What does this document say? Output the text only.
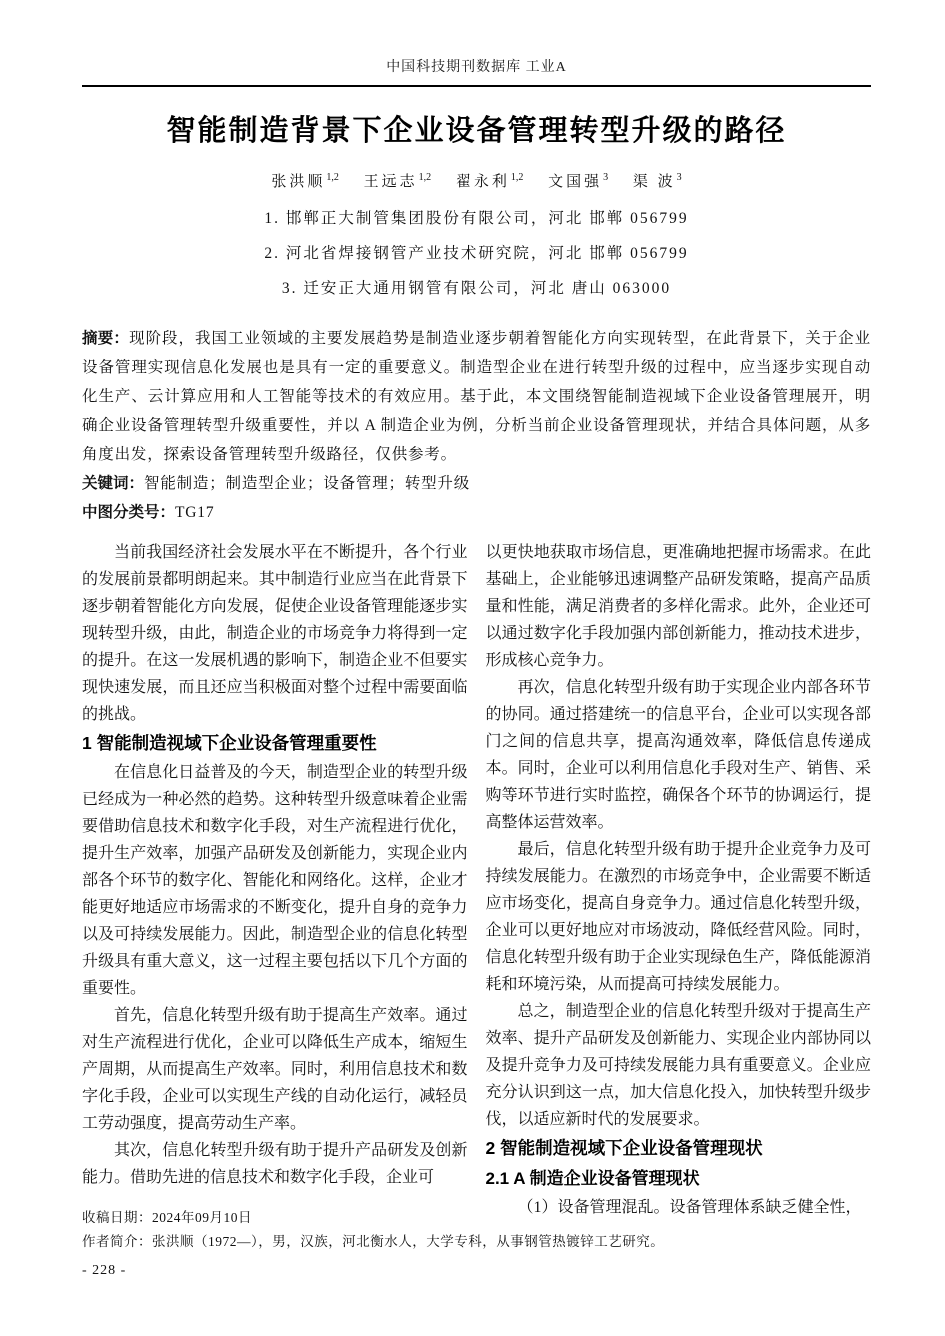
中国科技期刊数据库 工业A
智能制造背景下企业设备管理转型升级的路径
张洪顺$^{1,2}$ 王远志$^{1,2}$ 翟永利$^{1,2}$ 文国强$^3$ 渠 波$^3$
1. 邯郸正大制管集团股份有限公司，河北 邯郸 056799
2. 河北省焊接钢管产业技术研究院，河北 邯郸 056799
3. 迁安正大通用钢管有限公司，河北 唐山 063000
摘要：现阶段，我国工业领域的主要发展趋势是制造业逐步朝着智能化方向实现转型，在此背景下，关于企业设备管理实现信息化发展也是具有一定的重要意义。制造型企业在进行转型升级的过程中，应当逐步实现自动化生产、云计算应用和人工智能等技术的有效应用。基于此，本文围绕智能制造视域下企业设备管理展开，明确企业设备管理转型升级重要性，并以 A 制造企业为例，分析当前企业设备管理现状，并结合具体问题，从多角度出发，探索设备管理转型升级路径，仅供参考。
关键词：智能制造；制造型企业；设备管理；转型升级
中图分类号：TG17

当前我国经济社会发展水平在不断提升，各个行业的发展前景都明朗起来。其中制造行业应当在此背景下逐步朝着智能化方向发展，促使企业设备管理能逐步实现转型升级，由此，制造企业的市场竞争力将得到一定的提升。在这一发展机遇的影响下，制造企业不但要实现快速发展，而且还应当积极面对整个过程中需要面临的挑战。

1 智能制造视域下企业设备管理重要性

在信息化日益普及的今天，制造型企业的转型升级已经成为一种必然的趋势。这种转型升级意味着企业需要借助信息技术和数字化手段，对生产流程进行优化，提升生产效率，加强产品研发及创新能力，实现企业内部各个环节的数字化、智能化和网络化。这样，企业才能更好地适应市场需求的不断变化，提升自身的竞争力以及可持续发展能力。因此，制造型企业的信息化转型升级具有重大意义，这一过程主要包括以下几个方面的重要性。

首先，信息化转型升级有助于提高生产效率。通过对生产流程进行优化，企业可以降低生产成本，缩短生产周期，从而提高生产效率。同时，利用信息技术和数字化手段，企业可以实现生产线的自动化运行，减轻员工劳动强度，提高劳动生产率。

其次，信息化转型升级有助于提升产品研发及创新能力。借助先进的信息技术和数字化手段，企业可

以更快地获取市场信息，更准确地把握市场需求。在此基础上，企业能够迅速调整产品研发策略，提高产品质量和性能，满足消费者的多样化需求。此外，企业还可以通过数字化手段加强内部创新能力，推动技术进步，形成核心竞争力。

再次，信息化转型升级有助于实现企业内部各环节的协同。通过搭建统一的信息平台，企业可以实现各部门之间的信息共享，提高沟通效率，降低信息传递成本。同时，企业可以利用信息化手段对生产、销售、采购等环节进行实时监控，确保各个环节的协调运行，提高整体运营效率。

最后，信息化转型升级有助于提升企业竞争力及可持续发展能力。在激烈的市场竞争中，企业需要不断适应市场变化，提高自身竞争力。通过信息化转型升级，企业可以更好地应对市场波动，降低经营风险。同时，信息化转型升级有助于企业实现绿色生产，降低能源消耗和环境污染，从而提高可持续发展能力。

总之，制造型企业的信息化转型升级对于提高生产效率、提升产品研发及创新能力、实现企业内部协同以及提升竞争力及可持续发展能力具有重要意义。企业应充分认识到这一点，加大信息化投入，加快转型升级步伐，以适应新时代的发展要求。

2 智能制造视域下企业设备管理现状
2.1 A 制造企业设备管理现状

（1）设备管理混乱。设备管理体系缺乏健全性，

收稿日期：2024年09月10日
作者简介：张洪顺（1972—），男，汉族，河北衡水人，大学专科，从事钢管热镀锌工艺研究。
- 228 -
